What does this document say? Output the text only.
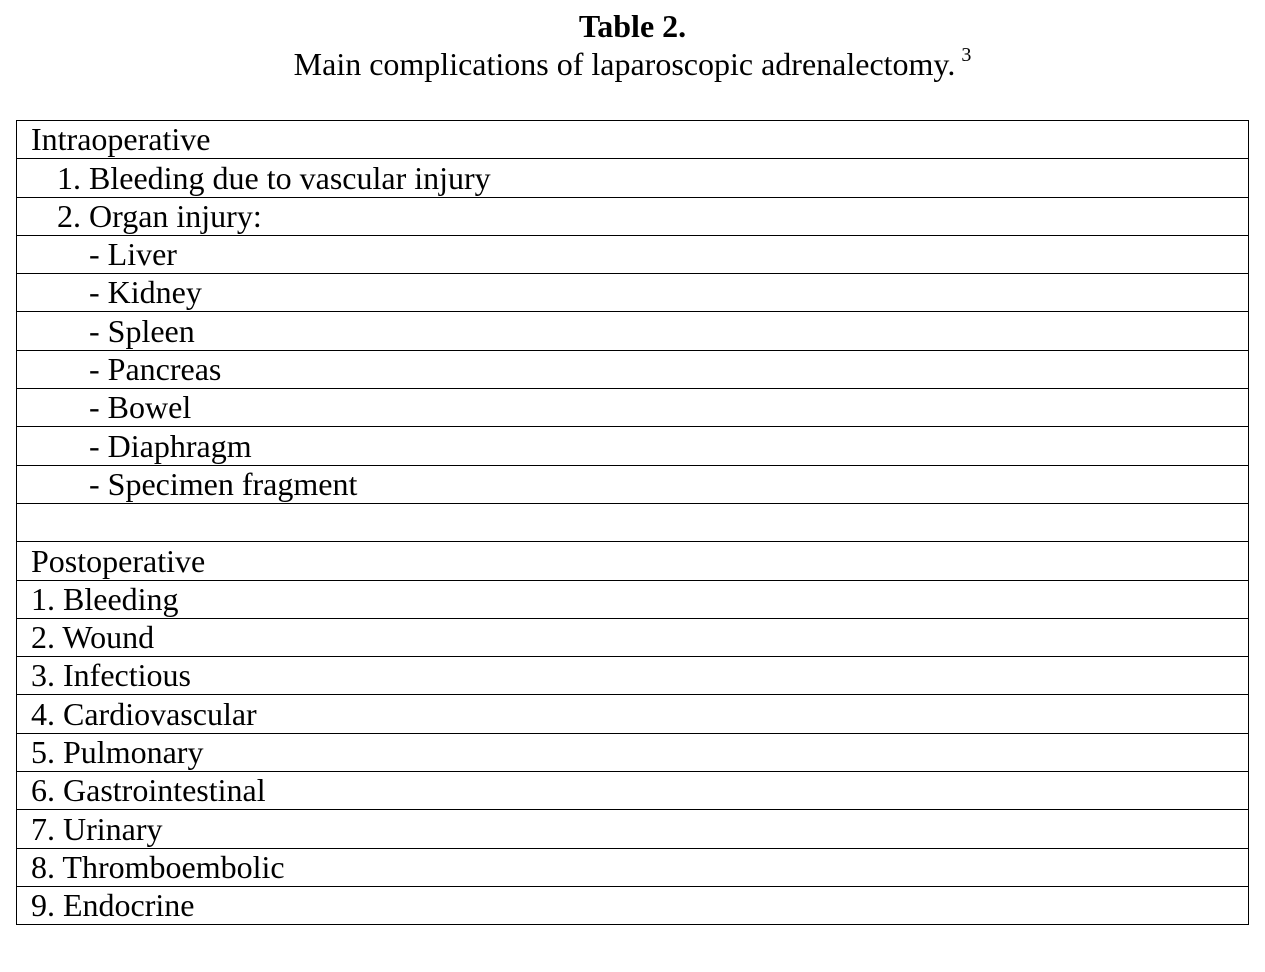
Table 2.
Main complications of laparoscopic adrenalectomy. $^3$
Intraoperative
1. Bleeding due to vascular injury
2. Organ injury:
- Liver
- Kidney
- Spleen
- Pancreas
- Bowel
- Diaphragm
- Specimen fragment

Postoperative
1. Bleeding
2. Wound
3. Infectious
4. Cardiovascular
5. Pulmonary
6. Gastrointestinal
7. Urinary
8. Thromboembolic
9. Endocrine
